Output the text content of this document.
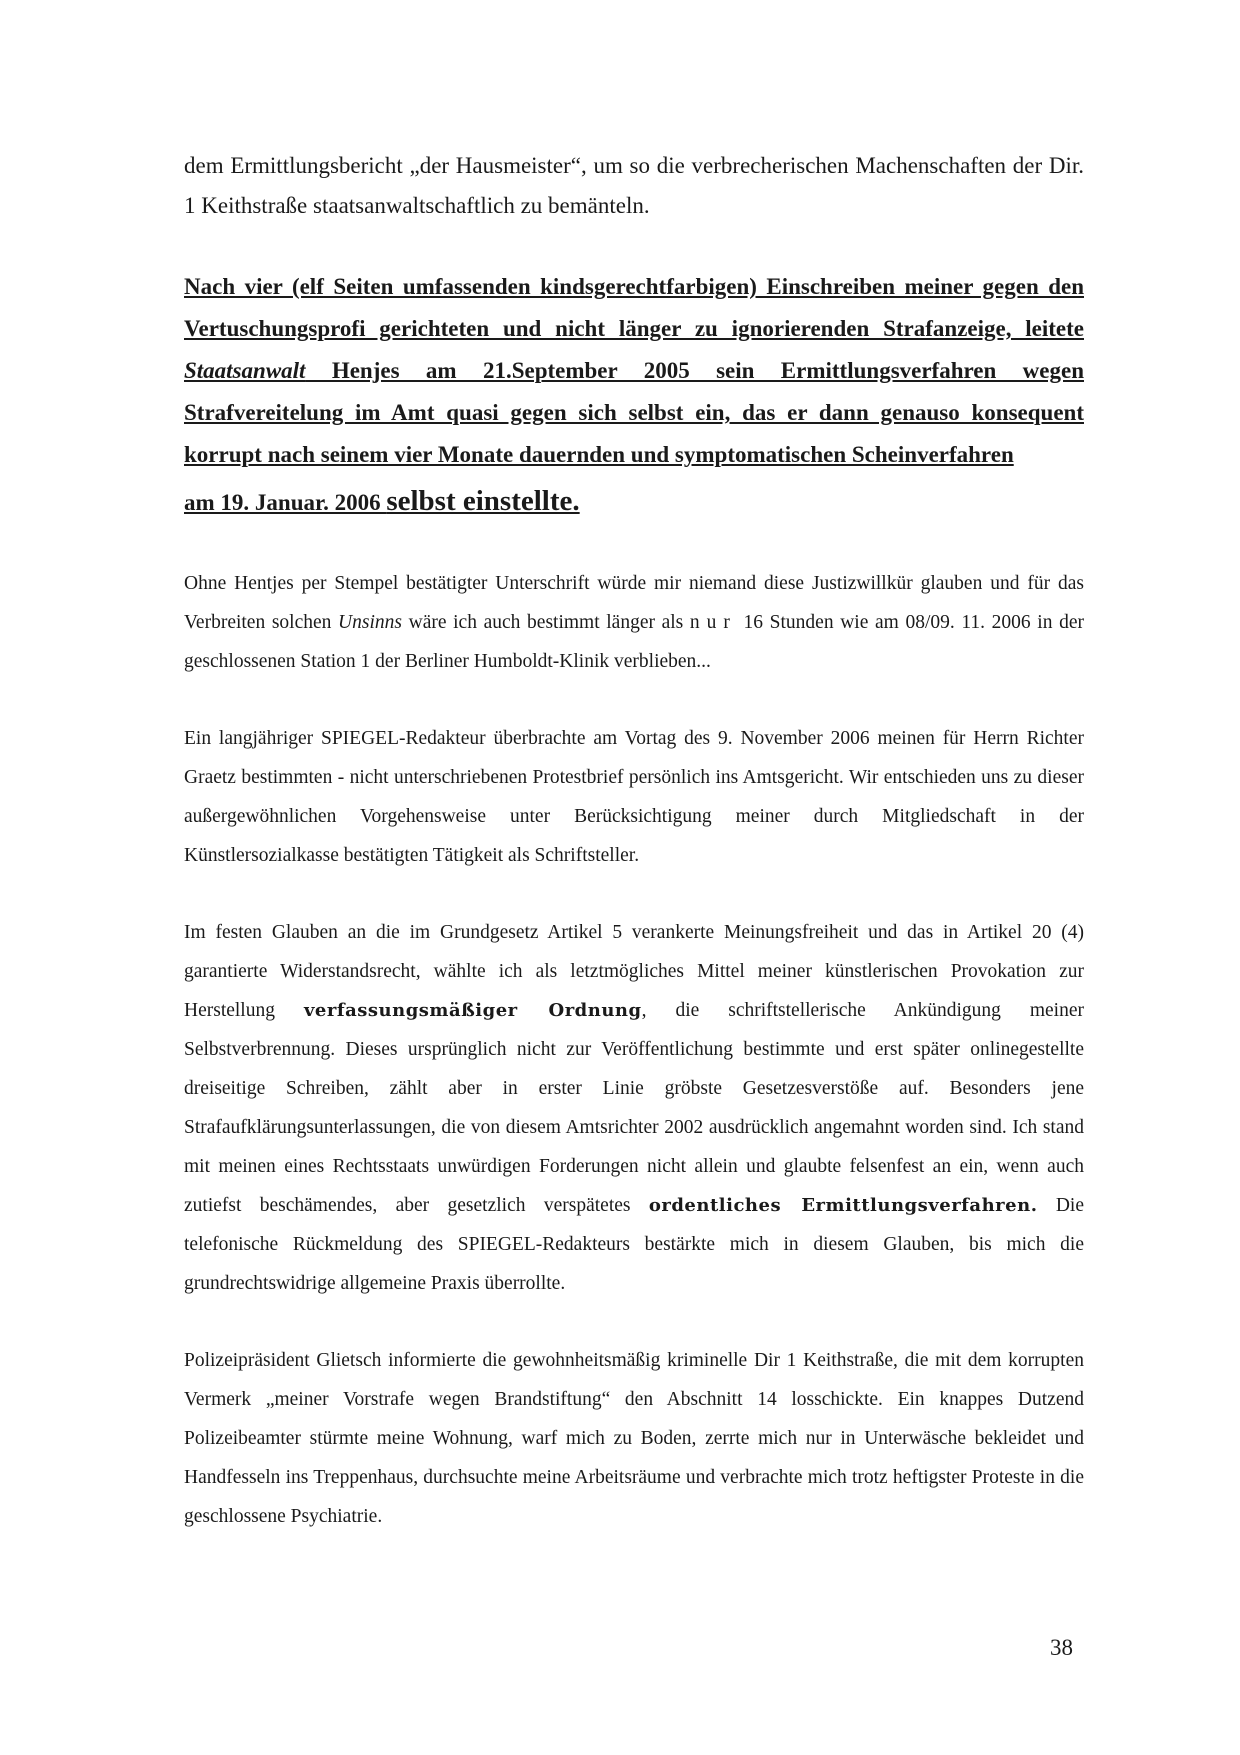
dem Ermittlungsbericht „der Hausmeister“, um so die verbrecherischen Machenschaften der Dir. 1 Keithstraße staatsanwaltschaftlich zu bemänteln.

Nach vier (elf Seiten umfassenden kindsgerechtfarbigen) Einschreiben meiner gegen den Vertuschungsprofi gerichteten und nicht länger zu ignorierenden Strafanzeige, leitete Staatsanwalt Henjes am 21.September 2005 sein Ermittlungsverfahren wegen Strafvereitelung im Amt quasi gegen sich selbst ein, das er dann genauso konsequent korrupt nach seinem vier Monate dauernden und symptomatischen Scheinverfahren
am 19. Januar. 2006 selbst einstellte.

Ohne Hentjes per Stempel bestätigter Unterschrift würde mir niemand diese Justizwillkür glauben und für das Verbreiten solchen Unsinns wäre ich auch bestimmt länger als nur 16 Stunden wie am 08/09. 11. 2006 in der geschlossenen Station 1 der Berliner Humboldt-Klinik verblieben...

Ein langjähriger SPIEGEL-Redakteur überbrachte am Vortag des 9. November 2006 meinen für Herrn Richter Graetz bestimmten - nicht unterschriebenen Protestbrief persönlich ins Amtsgericht. Wir entschieden uns zu dieser außergewöhnlichen Vorgehensweise unter Berücksichtigung meiner durch Mitgliedschaft in der Künstlersozialkasse bestätigten Tätigkeit als Schriftsteller.

Im festen Glauben an die im Grundgesetz Artikel 5 verankerte Meinungsfreiheit und das in Artikel 20 (4) garantierte Widerstandsrecht, wählte ich als letztmögliches Mittel meiner künstlerischen Provokation zur Herstellung verfassungsmäßiger Ordnung, die schriftstellerische Ankündigung meiner Selbstverbrennung. Dieses ursprünglich nicht zur Veröffentlichung bestimmte und erst später onlinegestellte dreiseitige Schreiben, zählt aber in erster Linie gröbste Gesetzesverstöße auf. Besonders jene Strafaufklärungsunterlassungen, die von diesem Amtsrichter 2002 ausdrücklich angemahnt worden sind. Ich stand mit meinen eines Rechtsstaats unwürdigen Forderungen nicht allein und glaubte felsenfest an ein, wenn auch zutiefst beschämendes, aber gesetzlich verspätetes ordentliches Ermittlungsverfahren. Die telefonische Rückmeldung des SPIEGEL-Redakteurs bestärkte mich in diesem Glauben, bis mich die grundrechtswidrige allgemeine Praxis überrollte.

Polizeipräsident Glietsch informierte die gewohnheitsmäßig kriminelle Dir 1 Keithstraße, die mit dem korrupten Vermerk „meiner Vorstrafe wegen Brandstiftung“ den Abschnitt 14 losschickte. Ein knappes Dutzend Polizeibeamter stürmte meine Wohnung, warf mich zu Boden, zerrte mich nur in Unterwäsche bekleidet und Handfesseln ins Treppenhaus, durchsuchte meine Arbeitsräume und verbrachte mich trotz heftigster Proteste in die geschlossene Psychiatrie.

38
